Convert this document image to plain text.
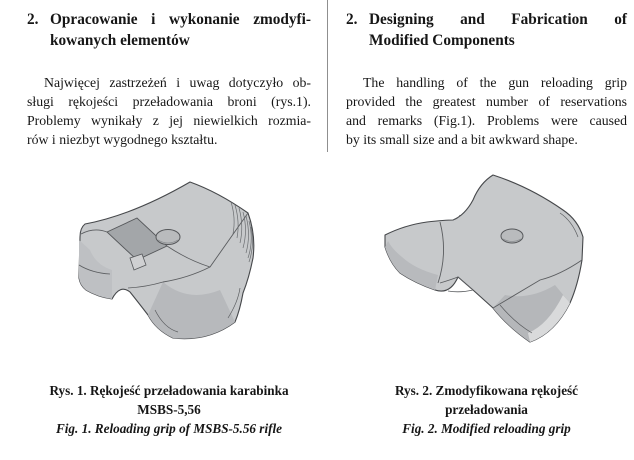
2. Opracowanie i wykonanie zmodyfi-
kowanych elementów
Najwięcej zastrzeżeń i uwag dotyczyło ob-
sługi rękojeści przeładowania broni (rys.1).
Problemy wynikały z jej niewielkich rozmia-
rów i niezbyt wygodnego kształtu.
2. Designing and Fabrication of
Modified Components
The handling of the gun reloading grip
provided the greatest number of reservations
and remarks (Fig.1). Problems were caused
by its small size and a bit awkward shape.
Rys. 1. Rękojeść przeładowania karabinka
MSBS-5,56
Fig. 1. Reloading grip of MSBS-5.56 rifle
Rys. 2. Zmodyfikowana rękojeść
przeładowania
Fig. 2. Modified reloading grip
